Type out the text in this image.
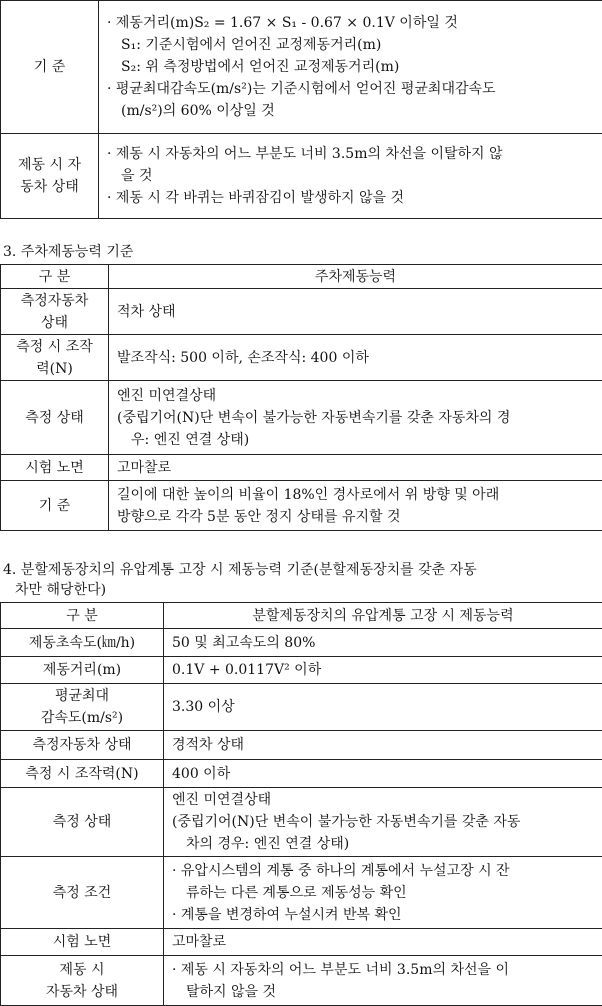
기 준	· 제동거리(m)S₂ = 1.67 × S₁ - 0.67 × 0.1V 이하일 것
S₁: 기준시험에서 얻어진 교정제동거리(m)
S₂: 위 측정방법에서 얻어진 교정제동거리(m)
· 평균최대감속도(m/s²)는 기준시험에서 얻어진 평균최대감속도
(m/s²)의 60% 이상일 것

제동 시 자
동차 상태	· 제동 시 자동차의 어느 부분도 너비 3.5m의 차선을 이탈하지 않
을 것
· 제동 시 각 바퀴는 바퀴잠김이 발생하지 않을 것
3. 주차제동능력 기준
구 분	주차제동능력

측정자동차
상태	적차 상태

측정 시 조작
력(N)	발조작식: 500 이하, 손조작식: 400 이하
측정 상태	엔진 미연결상태
(중립기어(N)단 변속이 불가능한 자동변속기를 갖춘 자동차의 경
우: 엔진 연결 상태)

시험 노면	고마찰로
기 준	길이에 대한 높이의 비율이 18%인 경사로에서 위 방향 및 아래
방향으로 각각 5분 동안 정지 상태를 유지할 것
4. 분할제동장치의 유압계통 고장 시 제동능력 기준(분할제동장치를 갖춘 자동
차만 해당한다)
구 분	분할제동장치의 유압계통 고장 시 제동능력
제동초속도(㎞/h)	50 및 최고속도의 80%
제동거리(m)	0.1V + 0.0117V² 이하

평균최대
감속도(m/s²)	3.30 이상
측정자동차 상태	경적차 상태
측정 시 조작력(N)	400 이하
측정 상태	엔진 미연결상태
(중립기어(N)단 변속이 불가능한 자동변속기를 갖춘 자동
차의 경우: 엔진 연결 상태)

측정 조건	· 유압시스템의 계통 중 하나의 계통에서 누설고장 시 잔
류하는 다른 계통으로 제동성능 확인
· 계통을 변경하여 누설시켜 반복 확인

시험 노면	고마찰로

제동 시
자동차 상태	· 제동 시 자동차의 어느 부분도 너비 3.5m의 차선을 이
탈하지 않을 것
